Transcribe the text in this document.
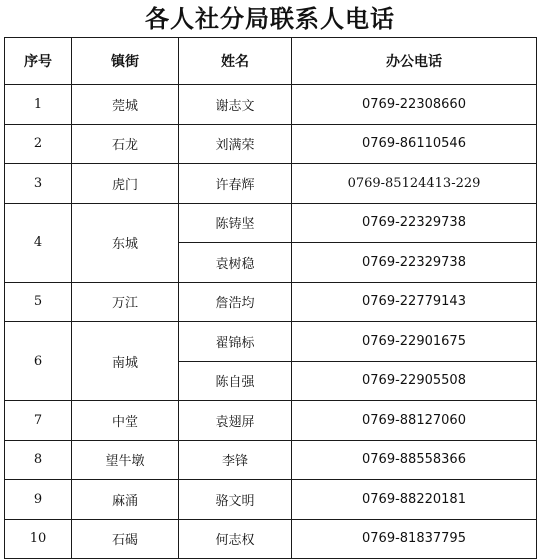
各人社分局联系人电话
序号	镇街	姓名	办公电话
1	莞城	谢志文	0769-22308660
2	石龙	刘满荣	0769-86110546
3	虎门	许春辉	0769-85124413-229
4	东城	陈铸坚	0769-22329738
		袁树稳	0769-22329738
5	万江	詹浩均	0769-22779143
6	南城	翟锦标	0769-22901675
		陈自强	0769-22905508
7	中堂	袁翅屏	0769-88127060
8	望牛墩	李锋	0769-88558366
9	麻涌	骆文明	0769-88220181
10	石碣	何志权	0769-81837795
